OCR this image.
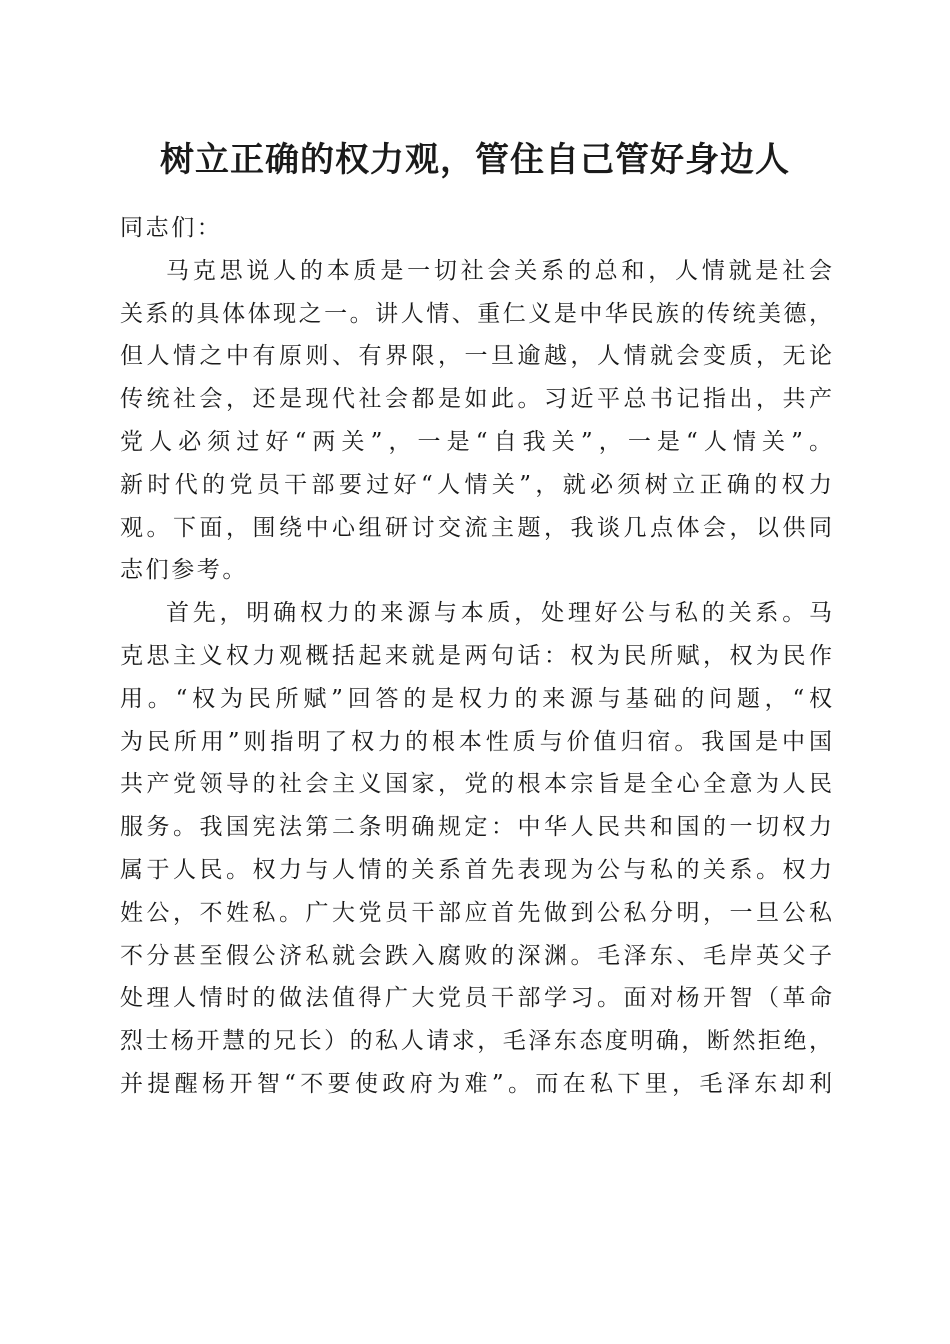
树立正确的权力观，管住自己管好身边人
同志们：
马克思说人的本质是一切社会关系的总和，人情就是社会
关系的具体体现之一。讲人情、重仁义是中华民族的传统美德，
但人情之中有原则、有界限，一旦逾越，人情就会变质，无论
传统社会，还是现代社会都是如此。习近平总书记指出，共产
党人必须过好“两关”，一是“自我关”，一是“人情关”。
新时代的党员干部要过好“人情关”，就必须树立正确的权力
观。下面，围绕中心组研讨交流主题，我谈几点体会，以供同
志们参考。
首先，明确权力的来源与本质，处理好公与私的关系。马
克思主义权力观概括起来就是两句话：权为民所赋，权为民作
用。“权为民所赋”回答的是权力的来源与基础的问题，“权
为民所用”则指明了权力的根本性质与价值归宿。我国是中国
共产党领导的社会主义国家，党的根本宗旨是全心全意为人民
服务。我国宪法第二条明确规定：中华人民共和国的一切权力
属于人民。权力与人情的关系首先表现为公与私的关系。权力
姓公，不姓私。广大党员干部应首先做到公私分明，一旦公私
不分甚至假公济私就会跌入腐败的深渊。毛泽东、毛岸英父子
处理人情时的做法值得广大党员干部学习。面对杨开智（革命
烈士杨开慧的兄长）的私人请求，毛泽东态度明确，断然拒绝，
并提醒杨开智“不要使政府为难”。而在私下里，毛泽东却利
